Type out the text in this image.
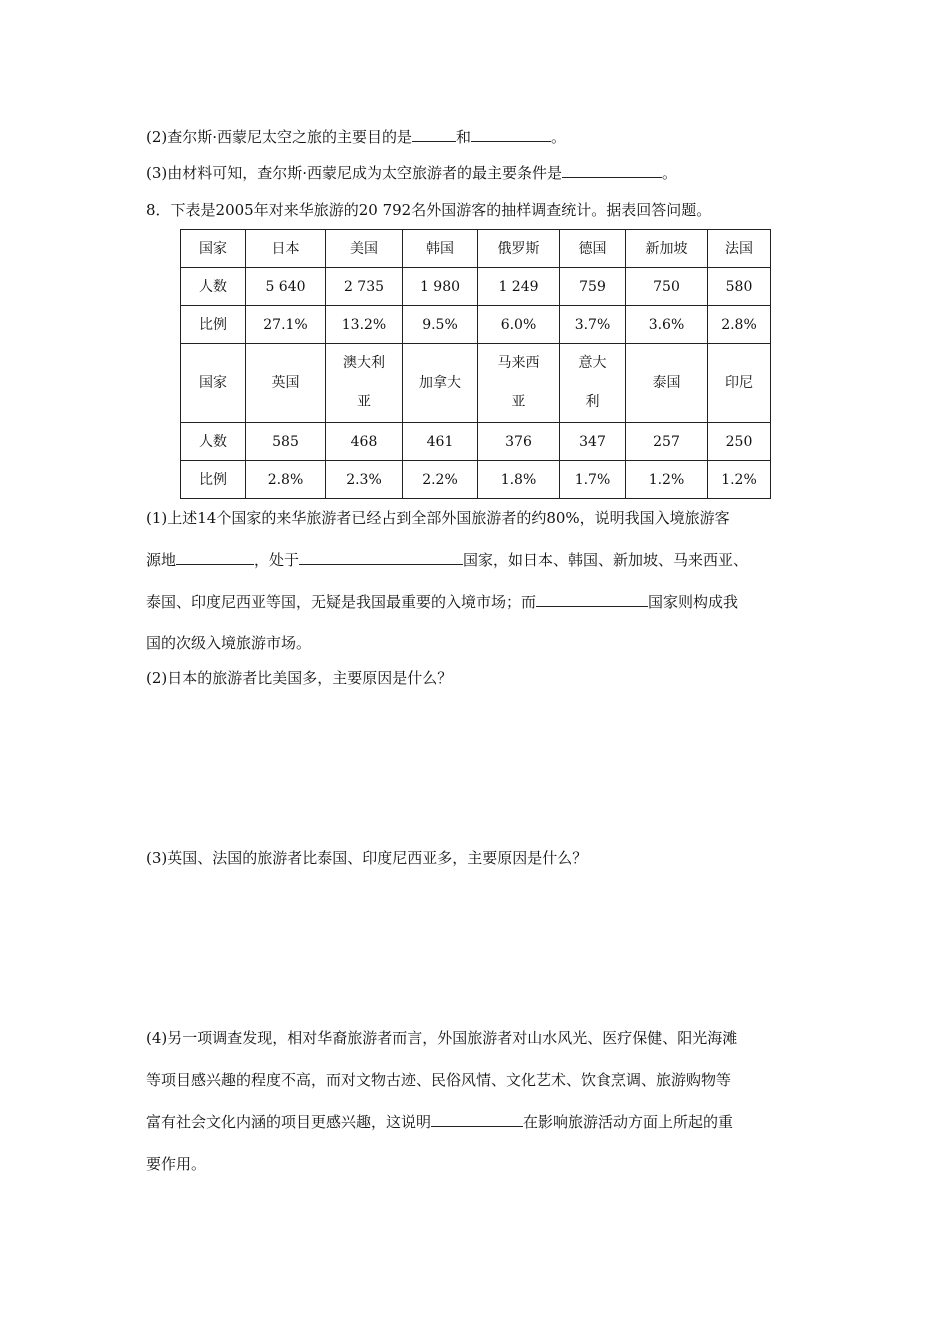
(2)查尔斯·西蒙尼太空之旅的主要目的是	和	。
(3)由材料可知，查尔斯·西蒙尼成为太空旅游者的最主要条件是	。
8．下表是2005年对来华旅游的20 792名外国游客的抽样调查统计。据表回答问题。
国家	日本	美国	韩国	俄罗斯	德国	新加坡	法国
人数	5 640	2 735	1 980	1 249	759	750	580
比例	27.1%	13.2%	9.5%	6.0%	3.7%	3.6%	2.8%
国家	英国	澳大利亚	加拿大	马来西亚	意大利	泰国	印尼
人数	585	468	461	376	347	257	250
比例	2.8%	2.3%	2.2%	1.8%	1.7%	1.2%	1.2%
(1)上述14个国家的来华旅游者已经占到全部外国旅游者的约80%，说明我国入境旅游客
源地	，处于	国家，如日本、韩国、新加坡、马来西亚、
泰国、印度尼西亚等国，无疑是我国最重要的入境市场；而	国家则构成我
国的次级入境旅游市场。
(2)日本的旅游者比美国多，主要原因是什么？
(3)英国、法国的旅游者比泰国、印度尼西亚多，主要原因是什么？
(4)另一项调查发现，相对华裔旅游者而言，外国旅游者对山水风光、医疗保健、阳光海滩
等项目感兴趣的程度不高，而对文物古迹、民俗风情、文化艺术、饮食烹调、旅游购物等
富有社会文化内涵的项目更感兴趣，这说明	在影响旅游活动方面上所起的重
要作用。
